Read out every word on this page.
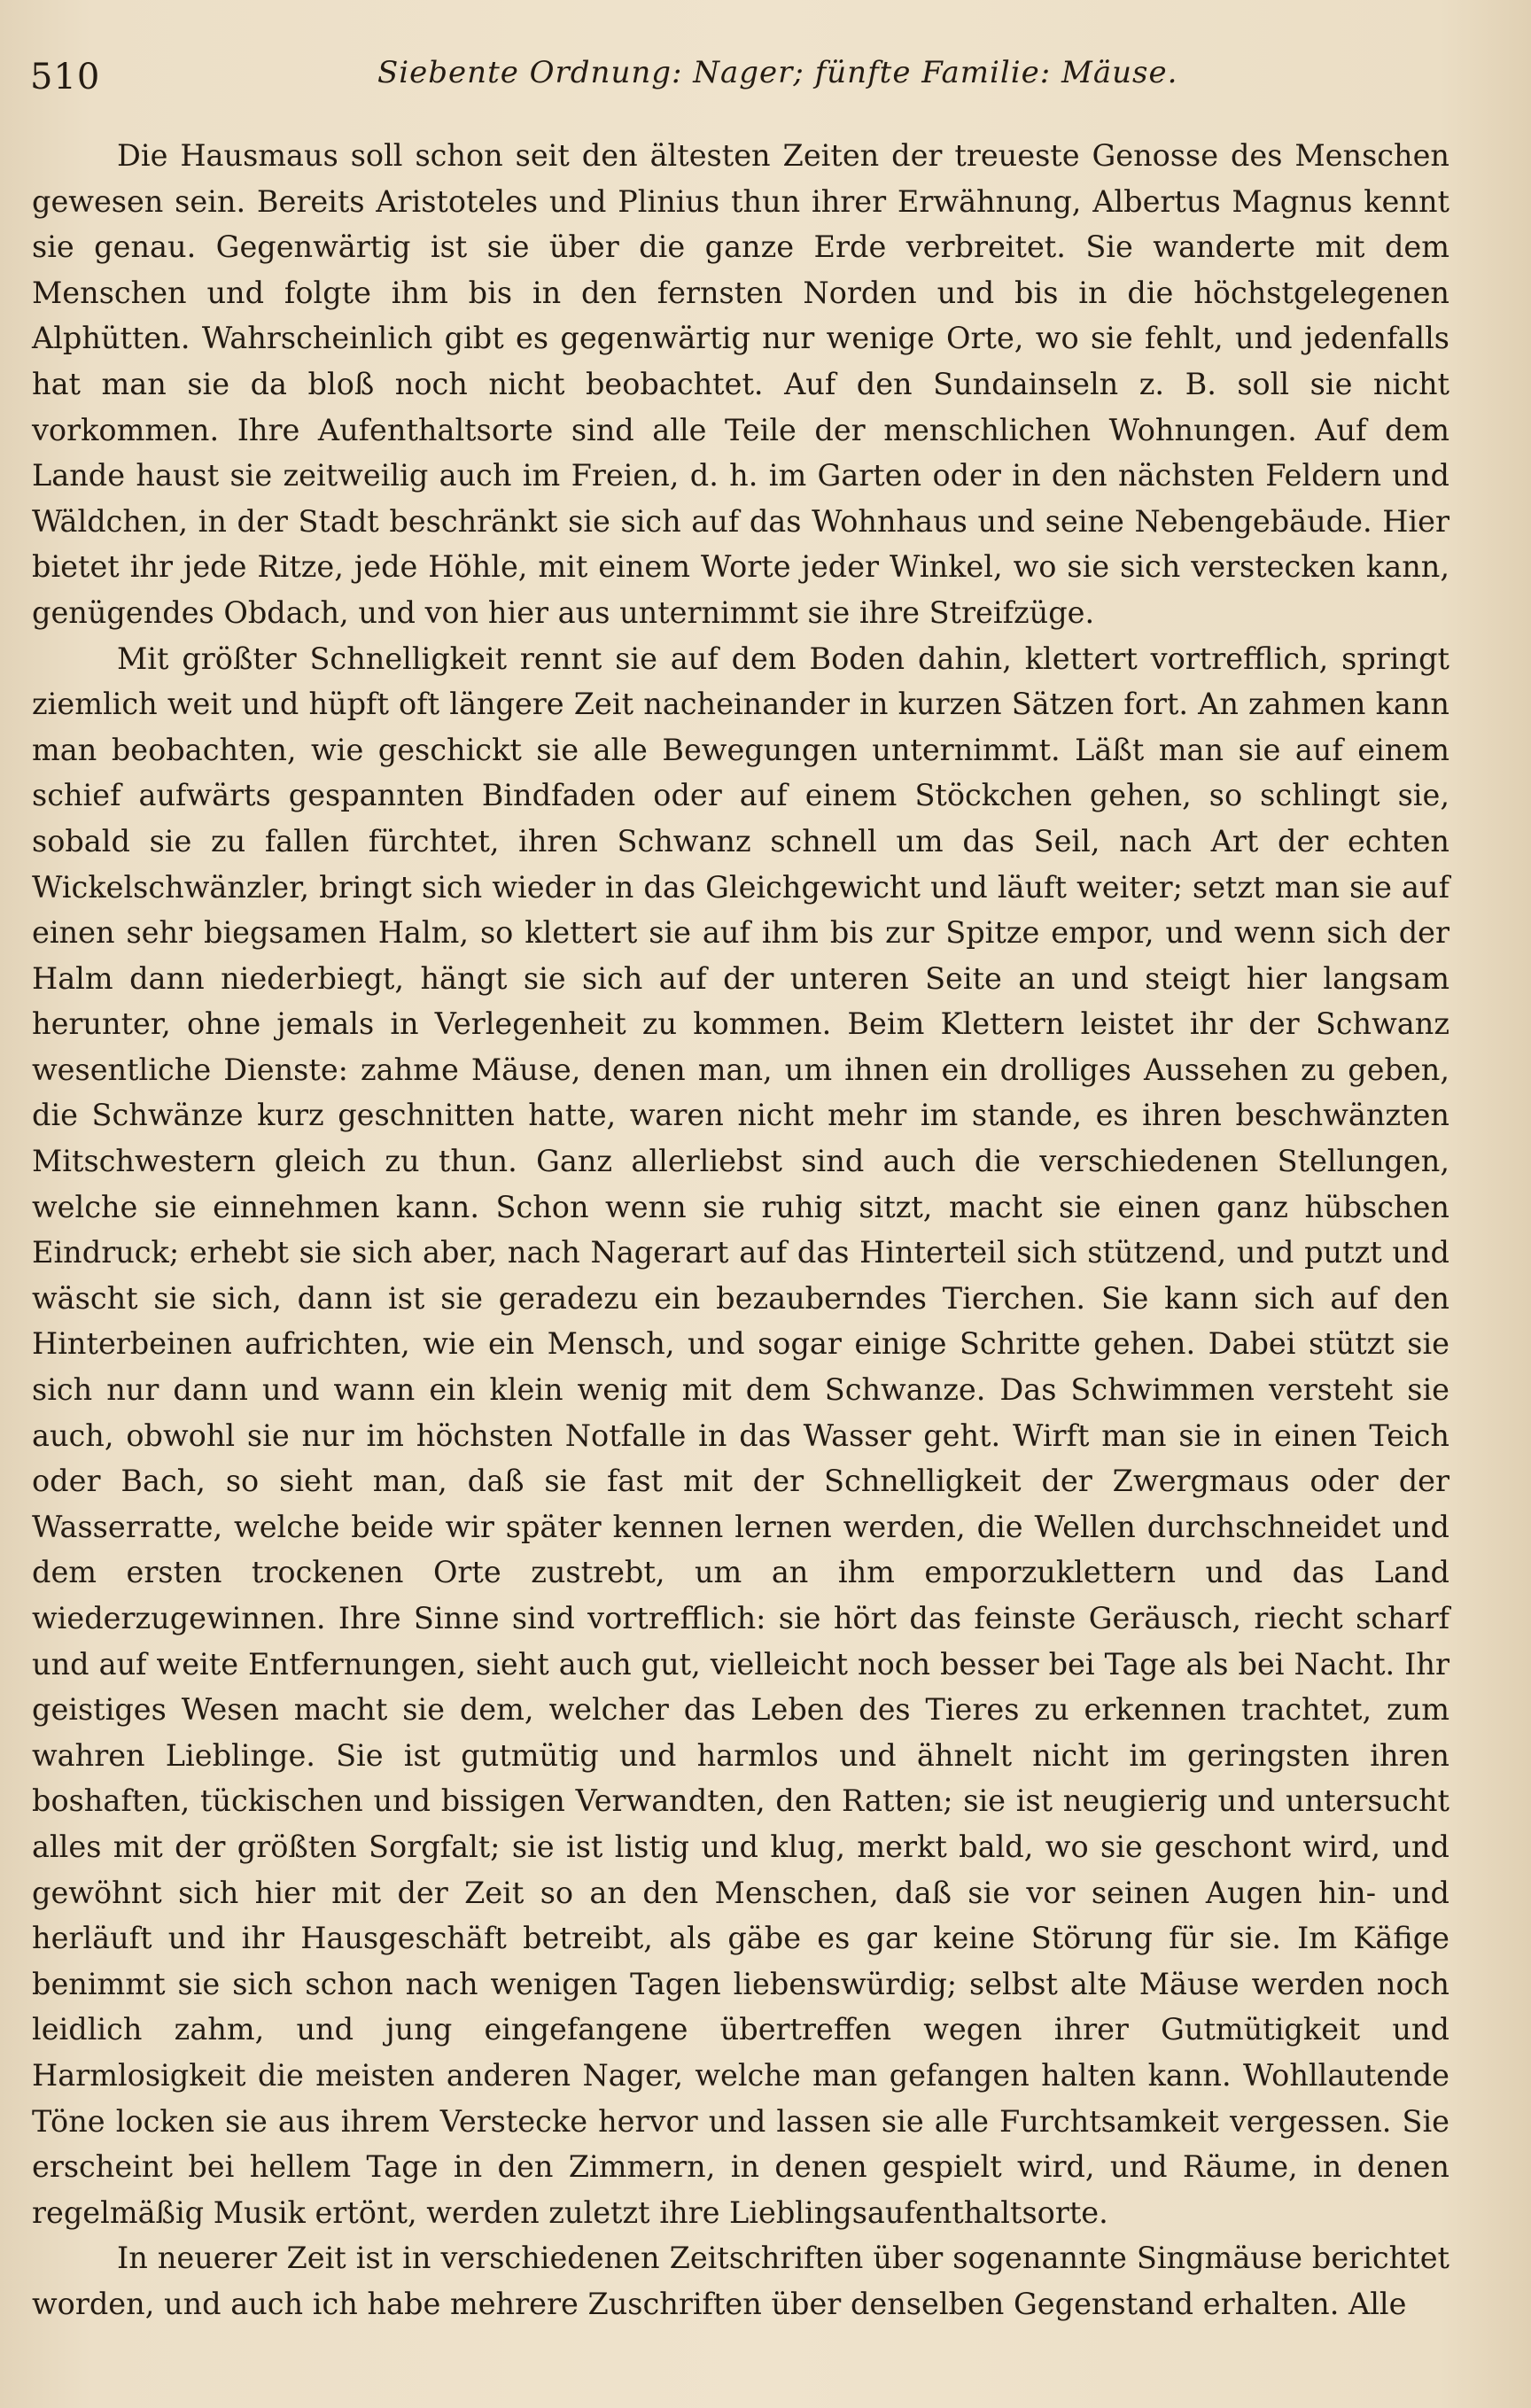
510	Siebente Ordnung: Nager; fünfte Familie: Mäuse.

Die Hausmaus soll schon seit den ältesten Zeiten der treueste Genosse des Menschen gewesen sein. Bereits Aristoteles und Plinius thun ihrer Erwähnung, Albertus Magnus kennt sie genau. Gegenwärtig ist sie über die ganze Erde verbreitet. Sie wanderte mit dem Menschen und folgte ihm bis in den fernsten Norden und bis in die höchstgelegenen Alphütten. Wahrscheinlich gibt es gegenwärtig nur wenige Orte, wo sie fehlt, und jedenfalls hat man sie da bloß noch nicht beobachtet. Auf den Sundainseln z. B. soll sie nicht vorkommen. Ihre Aufenthaltsorte sind alle Teile der menschlichen Wohnungen. Auf dem Lande haust sie zeitweilig auch im Freien, d. h. im Garten oder in den nächsten Feldern und Wäldchen, in der Stadt beschränkt sie sich auf das Wohnhaus und seine Nebengebäude. Hier bietet ihr jede Ritze, jede Höhle, mit einem Worte jeder Winkel, wo sie sich verstecken kann, genügendes Obdach, und von hier aus unternimmt sie ihre Streifzüge.

Mit größter Schnelligkeit rennt sie auf dem Boden dahin, klettert vortrefflich, springt ziemlich weit und hüpft oft längere Zeit nacheinander in kurzen Sätzen fort. An zahmen kann man beobachten, wie geschickt sie alle Bewegungen unternimmt. Läßt man sie auf einem schief aufwärts gespannten Bindfaden oder auf einem Stöckchen gehen, so schlingt sie, sobald sie zu fallen fürchtet, ihren Schwanz schnell um das Seil, nach Art der echten Wickelschwänzler, bringt sich wieder in das Gleichgewicht und läuft weiter; setzt man sie auf einen sehr biegsamen Halm, so klettert sie auf ihm bis zur Spitze empor, und wenn sich der Halm dann niederbiegt, hängt sie sich auf der unteren Seite an und steigt hier langsam herunter, ohne jemals in Verlegenheit zu kommen. Beim Klettern leistet ihr der Schwanz wesentliche Dienste: zahme Mäuse, denen man, um ihnen ein drolliges Aussehen zu geben, die Schwänze kurz geschnitten hatte, waren nicht mehr im stande, es ihren beschwänzten Mitschwestern gleich zu thun. Ganz allerliebst sind auch die verschiedenen Stellungen, welche sie einnehmen kann. Schon wenn sie ruhig sitzt, macht sie einen ganz hübschen Eindruck; erhebt sie sich aber, nach Nagerart auf das Hinterteil sich stützend, und putzt und wäscht sie sich, dann ist sie geradezu ein bezauberndes Tierchen. Sie kann sich auf den Hinterbeinen aufrichten, wie ein Mensch, und sogar einige Schritte gehen. Dabei stützt sie sich nur dann und wann ein klein wenig mit dem Schwanze. Das Schwimmen versteht sie auch, obwohl sie nur im höchsten Notfalle in das Wasser geht. Wirft man sie in einen Teich oder Bach, so sieht man, daß sie fast mit der Schnelligkeit der Zwergmaus oder der Wasserratte, welche beide wir später kennen lernen werden, die Wellen durchschneidet und dem ersten trockenen Orte zustrebt, um an ihm emporzuklettern und das Land wiederzugewinnen. Ihre Sinne sind vortrefflich: sie hört das feinste Geräusch, riecht scharf und auf weite Entfernungen, sieht auch gut, vielleicht noch besser bei Tage als bei Nacht. Ihr geistiges Wesen macht sie dem, welcher das Leben des Tieres zu erkennen trachtet, zum wahren Lieblinge. Sie ist gutmütig und harmlos und ähnelt nicht im geringsten ihren boshaften, tückischen und bissigen Verwandten, den Ratten; sie ist neugierig und untersucht alles mit der größten Sorgfalt; sie ist listig und klug, merkt bald, wo sie geschont wird, und gewöhnt sich hier mit der Zeit so an den Menschen, daß sie vor seinen Augen hin- und herläuft und ihr Hausgeschäft betreibt, als gäbe es gar keine Störung für sie. Im Käfige benimmt sie sich schon nach wenigen Tagen liebenswürdig; selbst alte Mäuse werden noch leidlich zahm, und jung eingefangene übertreffen wegen ihrer Gutmütigkeit und Harmlosigkeit die meisten anderen Nager, welche man gefangen halten kann. Wohllautende Töne locken sie aus ihrem Verstecke hervor und lassen sie alle Furchtsamkeit vergessen. Sie erscheint bei hellem Tage in den Zimmern, in denen gespielt wird, und Räume, in denen regelmäßig Musik ertönt, werden zuletzt ihre Lieblingsaufenthaltsorte.

In neuerer Zeit ist in verschiedenen Zeitschriften über sogenannte Singmäuse berichtet worden, und auch ich habe mehrere Zuschriften über denselben Gegenstand erhalten. Alle
